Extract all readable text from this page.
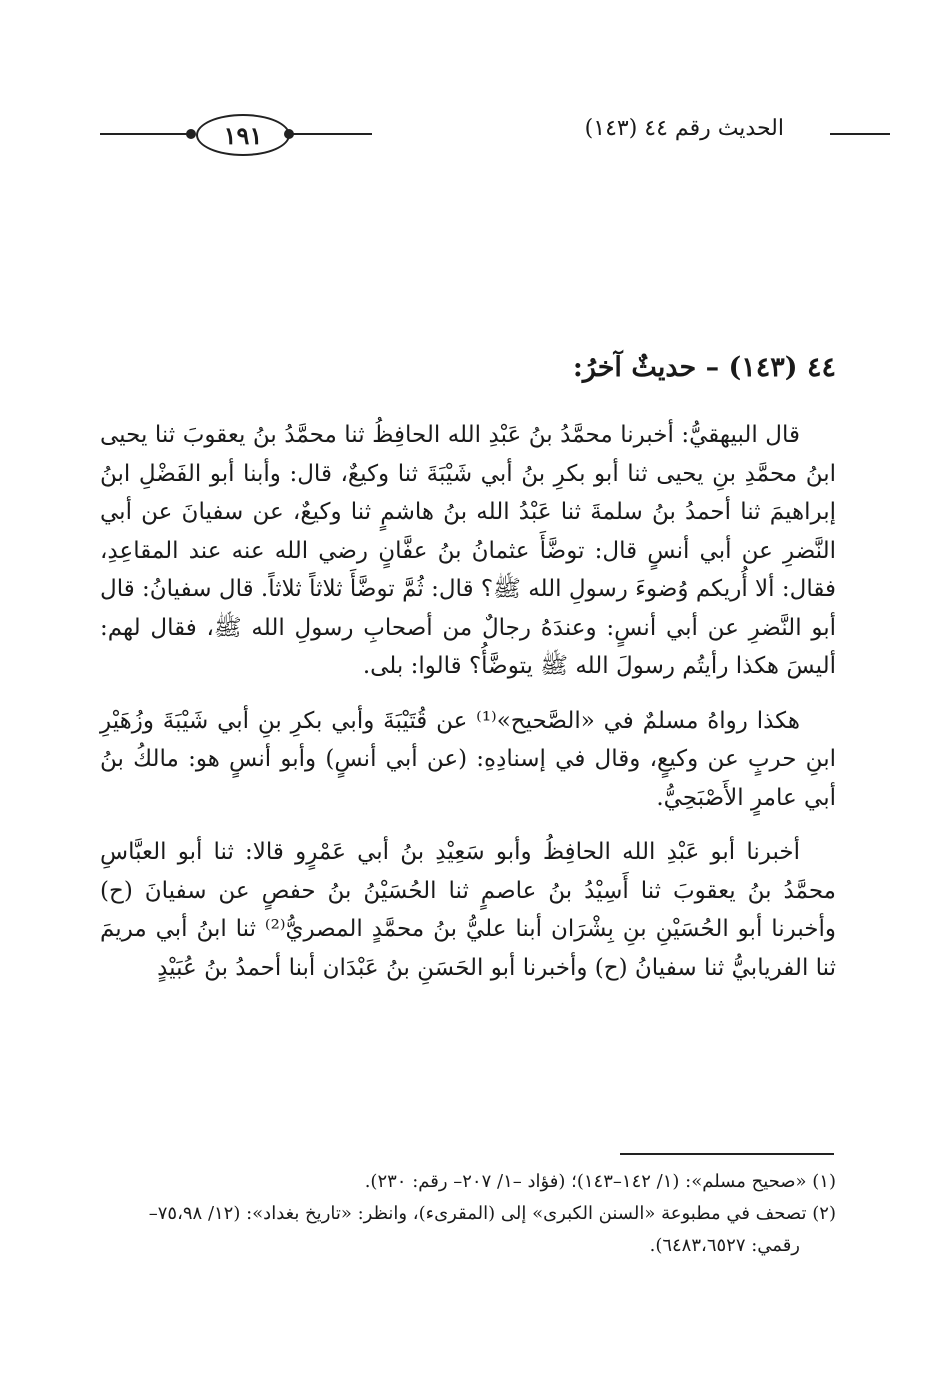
١٩١	الحديث رقم ٤٤ (١٤٣)
٤٤ (١٤٣) – حديثٌ آخرُ:

قال البيهقيُّ: أخبرنا محمَّدُ بنُ عَبْدِ الله الحافِظُ ثنا محمَّدُ بنُ يعقوبَ ثنا يحيى ابنُ محمَّدِ بنِ يحيى ثنا أبو بكرِ بنُ أبي شَيْبَةَ ثنا وكيعٌ، قال: وأبنا أبو الفَضْلِ ابنُ إبراهيمَ ثنا أحمدُ بنُ سلمةَ ثنا عَبْدُ الله بنُ هاشمٍ ثنا وكيعٌ، عن سفيانَ عن أبي النَّضرِ عن أبي أنسٍ قال: توضَّأَ عثمانُ بنُ عفَّانٍ رضي الله عنه عند المقاعِدِ، فقال: ألا أُريكم وُضوءَ رسولِ الله ﷺ؟ قال: ثُمَّ توضَّأَ ثلاثاً ثلاثاً. قال سفيانُ: قال أبو النَّضرِ عن أبي أنسٍ: وعندَهُ رجالٌ من أصحابِ رسولِ الله ﷺ، فقال لهم: أليسَ هكذا رأيتُم رسولَ الله ﷺ يتوضَّأُ؟ قالوا: بلى.

هكذا رواهُ مسلمٌ في «الصَّحيح»⁽¹⁾ عن قُتَيْبَةَ وأبي بكرِ بنِ أبي شَيْبَةَ وزُهَيْرِ ابنِ حربٍ عن وكيعٍ، وقال في إسنادِهِ: (عن أبي أنسٍ) وأبو أنسٍ هو: مالكُ بنُ أبي عامرٍ الأَصْبَحِيُّ.

أخبرنا أبو عَبْدِ الله الحافِظُ وأبو سَعِيْدِ بنُ أبي عَمْرٍو قالا: ثنا أبو العبَّاسِ محمَّدُ بنُ يعقوبَ ثنا أَسِيْدُ بنُ عاصمٍ ثنا الحُسَيْنُ بنُ حفصٍ عن سفيانَ (ح) وأخبرنا أبو الحُسَيْنِ بنِ بِشْرَان أبنا عليُّ بنُ محمَّدٍ المصريُّ⁽²⁾ ثنا ابنُ أبي مريمَ ثنا الفريابيُّ ثنا سفيانُ (ح) وأخبرنا أبو الحَسَنِ بنُ عَبْدَان أبنا أحمدُ بنُ عُبَيْدٍ

(١) «صحيح مسلم»: (١/ ١٤٢–١٤٣)؛ (فؤاد –١/ ٢٠٧– رقم: ٢٣٠).

(٢) تصحف في مطبوعة «السنن الكبرى» إلى (المقرىء)، وانظر: «تاريخ بغداد»: (١٢/ ٧٥،٩٨–

رقمي: ٦٤٨٣،٦٥٢٧).
